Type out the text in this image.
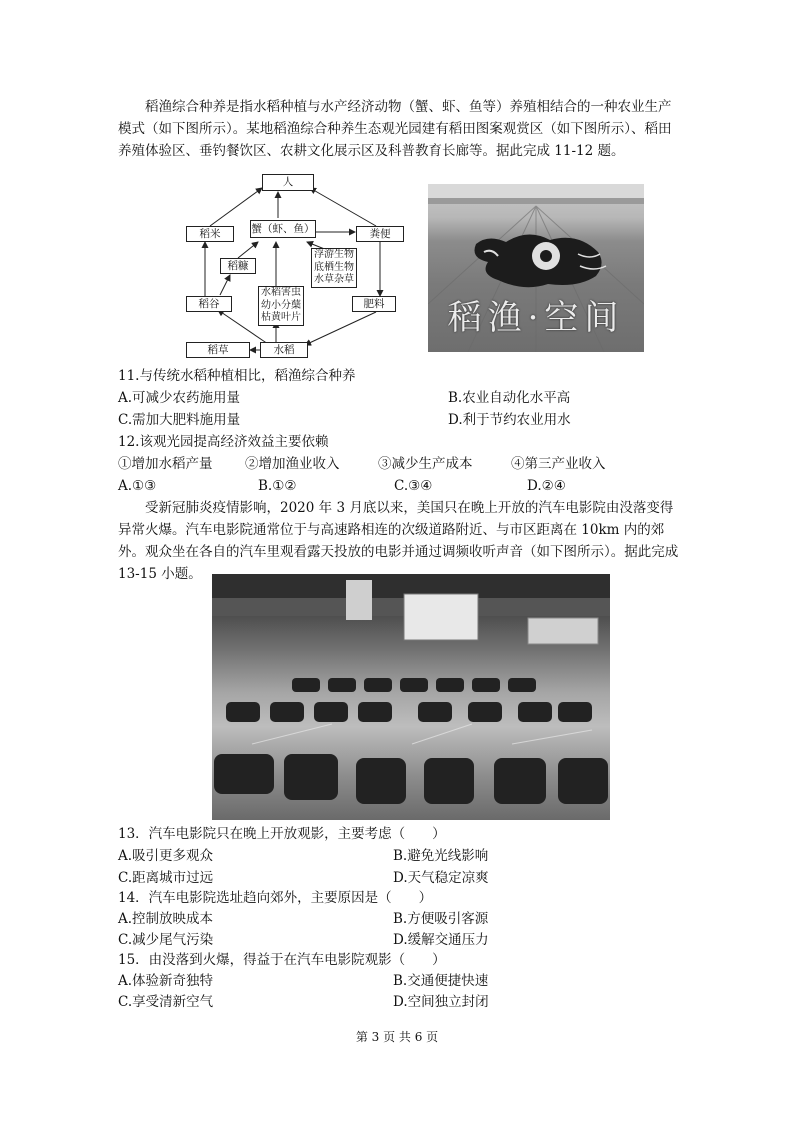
稻渔综合种养是指水稻种植与水产经济动物（蟹、虾、鱼等）养殖相结合的一种农业生产模式（如下图所示）。某地稻渔综合种养生态观光园建有稻田图案观赏区（如下图所示）、稻田养殖体验区、垂钓餐饮区、农耕文化展示区及科普教育长廊等。据此完成 11-12 题。
人
稻米	蟹（虾、鱼）	粪便
稻糠
浮游生物底栖生物水草杂草
稻谷
水稻害虫幼小分蘖枯黄叶片
肥料
稻草	水稻
稻渔·空间
11.与传统水稻种植相比，稻渔综合种养
A.可减少农药施用量	B.农业自动化水平高
C.需加大肥料施用量	D.利于节约农业用水
12.该观光园提高经济效益主要依赖
①增加水稻产量 ②增加渔业收入	③减少生产成本	④第三产业收入
A.①③	B.①②	C.③④	D.②④
受新冠肺炎疫情影响，2020 年 3 月底以来，美国只在晚上开放的汽车电影院由没落变得异常火爆。汽车电影院通常位于与高速路相连的次级道路附近、与市区距离在 10km 内的郊外。观众坐在各自的汽车里观看露天投放的电影并通过调频收听声音（如下图所示）。据此完成 13-15 小题。
13．汽车电影院只在晚上开放观影，主要考虑（　　）
A.吸引更多观众	B.避免光线影响
C.距离城市过远	D.天气稳定凉爽
14．汽车电影院选址趋向郊外，主要原因是（　　）
A.控制放映成本	B.方便吸引客源
C.减少尾气污染	D.缓解交通压力
15．由没落到火爆，得益于在汽车电影院观影（　　）
A.体验新奇独特	B.交通便捷快速
C.享受清新空气	D.空间独立封闭
第 3 页 共 6 页
